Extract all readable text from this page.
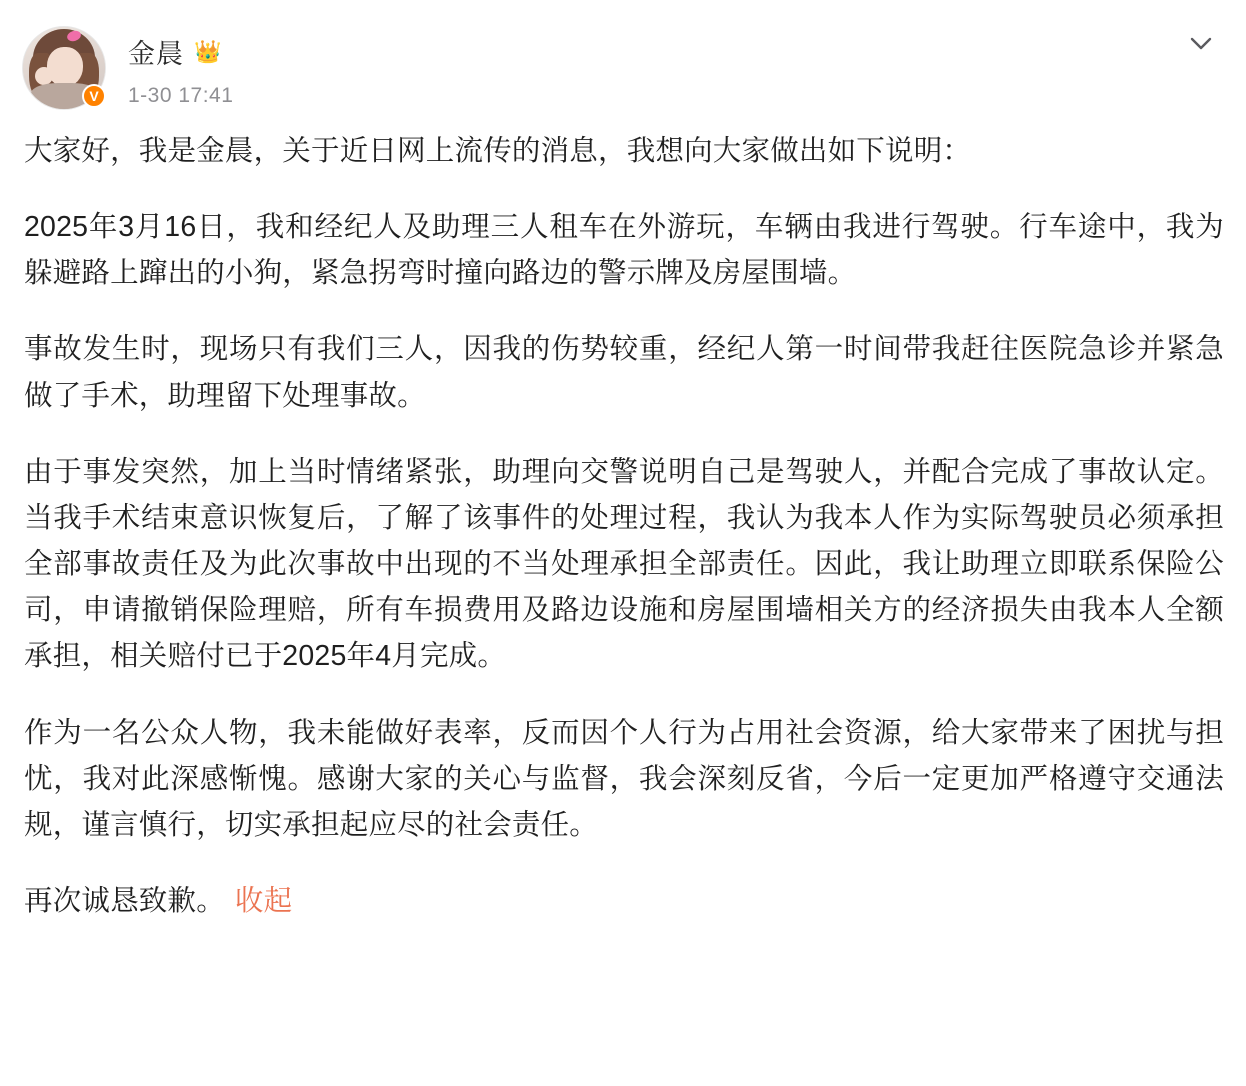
V
金晨 👑
1-30 17:41

大家好，我是金晨，关于近日网上流传的消息，我想向大家做出如下说明：

2025年3月16日，我和经纪人及助理三人租车在外游玩，车辆由我进行驾驶。行车途中，我为躲避路上蹿出的小狗，紧急拐弯时撞向路边的警示牌及房屋围墙。

事故发生时，现场只有我们三人，因我的伤势较重，经纪人第一时间带我赶往医院急诊并紧急做了手术，助理留下处理事故。

由于事发突然，加上当时情绪紧张，助理向交警说明自己是驾驶人，并配合完成了事故认定。当我手术结束意识恢复后，了解了该事件的处理过程，我认为我本人作为实际驾驶员必须承担全部事故责任及为此次事故中出现的不当处理承担全部责任。因此，我让助理立即联系保险公司，申请撤销保险理赔，所有车损费用及路边设施和房屋围墙相关方的经济损失由我本人全额承担，相关赔付已于2025年4月完成。

作为一名公众人物，我未能做好表率，反而因个人行为占用社会资源，给大家带来了困扰与担忧，我对此深感惭愧。感谢大家的关心与监督，我会深刻反省，今后一定更加严格遵守交通法规，谨言慎行，切实承担起应尽的社会责任。

再次诚恳致歉。 收起
